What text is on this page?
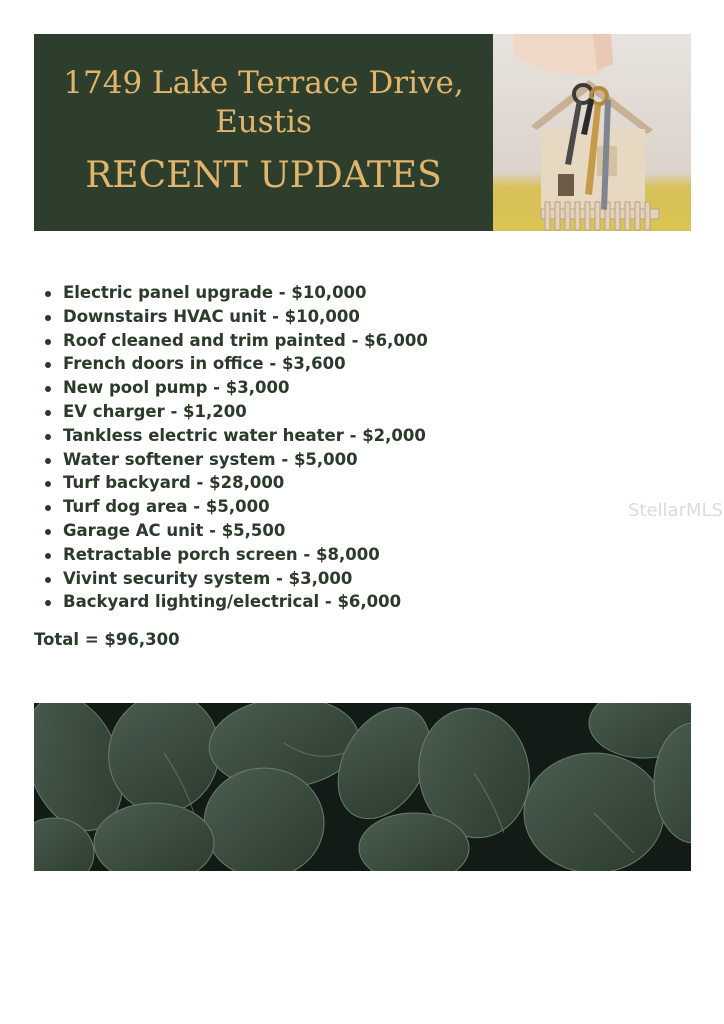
1749 Lake Terrace Drive, Eustis
RECENT UPDATES
Electric panel upgrade - $10,000
Downstairs HVAC unit - $10,000
Roof cleaned and trim painted - $6,000
French doors in office - $3,600
New pool pump - $3,000
EV charger - $1,200
Tankless electric water heater - $2,000
Water softener system - $5,000
Turf backyard - $28,000
Turf dog area - $5,000
Garage AC unit - $5,500
Retractable porch screen - $8,000
Vivint security system - $3,000
Backyard lighting/electrical - $6,000
Total = $96,300
StellarMLS
